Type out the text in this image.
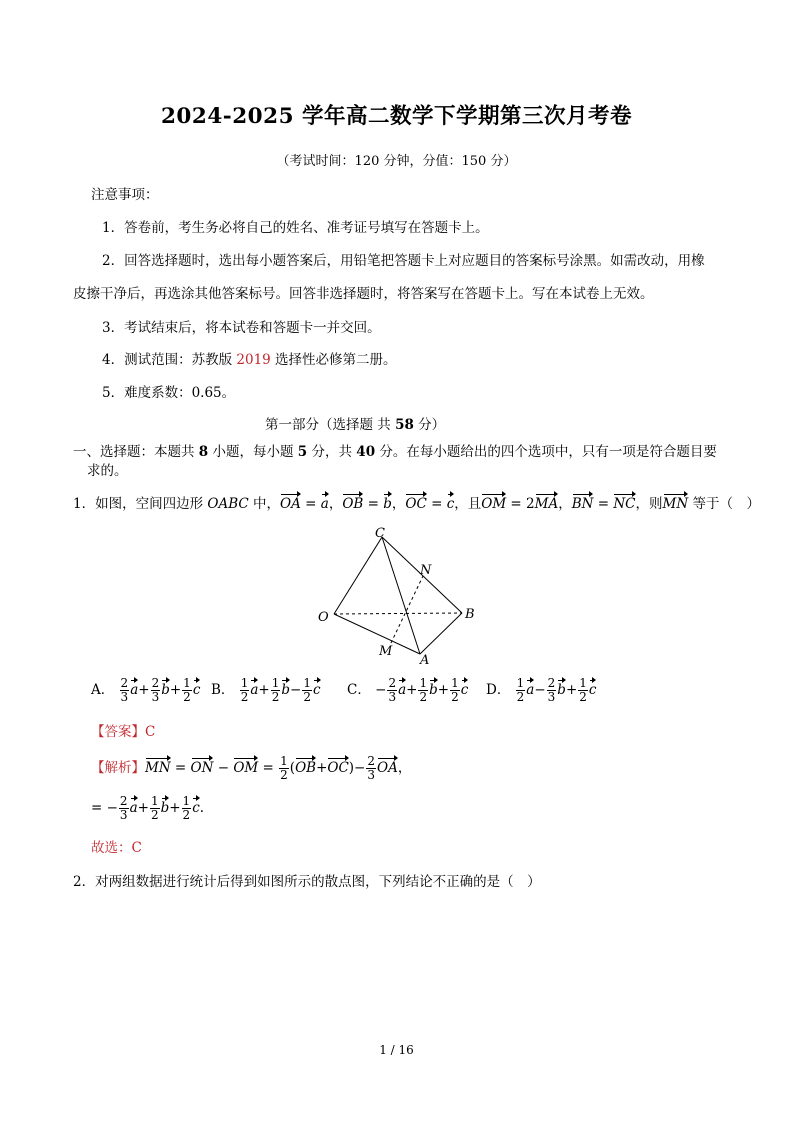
2024-2025 学年高二数学下学期第三次月考卷
（考试时间：120 分钟，分值：150 分）
注意事项：
1．答卷前，考生务必将自己的姓名、准考证号填写在答题卡上。
2．回答选择题时，选出每小题答案后，用铅笔把答题卡上对应题目的答案标号涂黑。如需改动，用橡
皮擦干净后，再选涂其他答案标号。回答非选择题时，将答案写在答题卡上。写在本试卷上无效。
3．考试结束后，将本试卷和答题卡一并交回。
4．测试范围：苏教版 2019 选择性必修第二册。
5．难度系数：0.65。
第一部分（选择题 共 58 分）
一、选择题：本题共 8 小题，每小题 5 分，共 40 分。在每小题给出的四个选项中，只有一项是符合题目要
求的。
1．如图，空间四边形 OABC 中，OA = a，OB = b，OC = c，且OM = 2MA，BN = NC，则MN 等于（　）
C
N
O	B
M
A
A． $\frac{2}{3} a+ \frac{2}{3} b+ \frac{1}{2}$ c B． $\frac{1}{2} a+ \frac{1}{2} b- \frac{1}{2}$ c C． − $\frac{2}{3} a+ \frac{1}{2} b+ \frac{1}{2}$ c D． $\frac{1}{2} a- \frac{2}{3} b+ \frac{1}{2}$ c
【答案】C
【解析】MN = ON − OM = $\frac{1}{2} (OB+OC)- \frac{2}{3}$ OA，
= − $\frac{2}{3} a+ \frac{1}{2} b+ \frac{1}{2} c$.
故选：C
2．对两组数据进行统计后得到如图所示的散点图，下列结论不正确的是（　）
1 / 16
